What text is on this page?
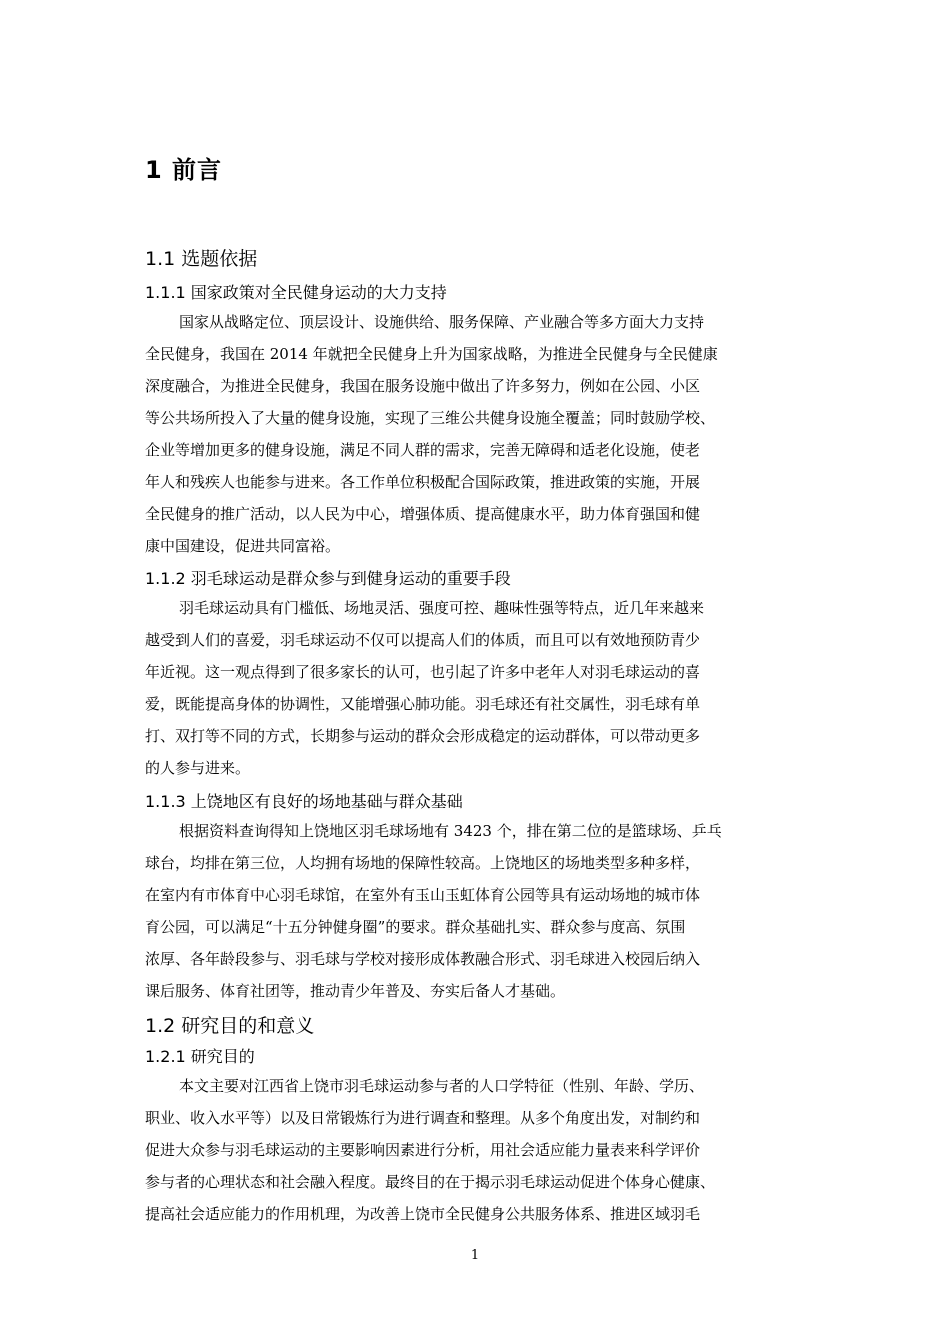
1 前言
1.1 选题依据
1.1.1 国家政策对全民健身运动的大力支持
国家从战略定位、顶层设计、设施供给、服务保障、产业融合等多方面大力支持
全民健身，我国在 2014 年就把全民健身上升为国家战略，为推进全民健身与全民健康
深度融合，为推进全民健身，我国在服务设施中做出了许多努力，例如在公园、小区
等公共场所投入了大量的健身设施，实现了三维公共健身设施全覆盖；同时鼓励学校、
企业等增加更多的健身设施，满足不同人群的需求，完善无障碍和适老化设施，使老
年人和残疾人也能参与进来。各工作单位积极配合国际政策，推进政策的实施，开展
全民健身的推广活动，以人民为中心，增强体质、提高健康水平，助力体育强国和健
康中国建设，促进共同富裕。
1.1.2 羽毛球运动是群众参与到健身运动的重要手段
羽毛球运动具有门槛低、场地灵活、强度可控、趣味性强等特点，近几年来越来
越受到人们的喜爱，羽毛球运动不仅可以提高人们的体质，而且可以有效地预防青少
年近视。这一观点得到了很多家长的认可，也引起了许多中老年人对羽毛球运动的喜
爱，既能提高身体的协调性，又能增强心肺功能。羽毛球还有社交属性，羽毛球有单
打、双打等不同的方式，长期参与运动的群众会形成稳定的运动群体，可以带动更多
的人参与进来。
1.1.3 上饶地区有良好的场地基础与群众基础
根据资料查询得知上饶地区羽毛球场地有 3423 个，排在第二位的是篮球场、乒乓
球台，均排在第三位，人均拥有场地的保障性较高。上饶地区的场地类型多种多样，
在室内有市体育中心羽毛球馆，在室外有玉山玉虹体育公园等具有运动场地的城市体
育公园，可以满足“十五分钟健身圈”的要求。群众基础扎实、群众参与度高、氛围
浓厚、各年龄段参与、羽毛球与学校对接形成体教融合形式、羽毛球进入校园后纳入
课后服务、体育社团等，推动青少年普及、夯实后备人才基础。
1.2 研究目的和意义
1.2.1 研究目的
本文主要对江西省上饶市羽毛球运动参与者的人口学特征（性别、年龄、学历、
职业、收入水平等）以及日常锻炼行为进行调查和整理。从多个角度出发，对制约和
促进大众参与羽毛球运动的主要影响因素进行分析，用社会适应能力量表来科学评价
参与者的心理状态和社会融入程度。最终目的在于揭示羽毛球运动促进个体身心健康、
提高社会适应能力的作用机理，为改善上饶市全民健身公共服务体系、推进区域羽毛
1
